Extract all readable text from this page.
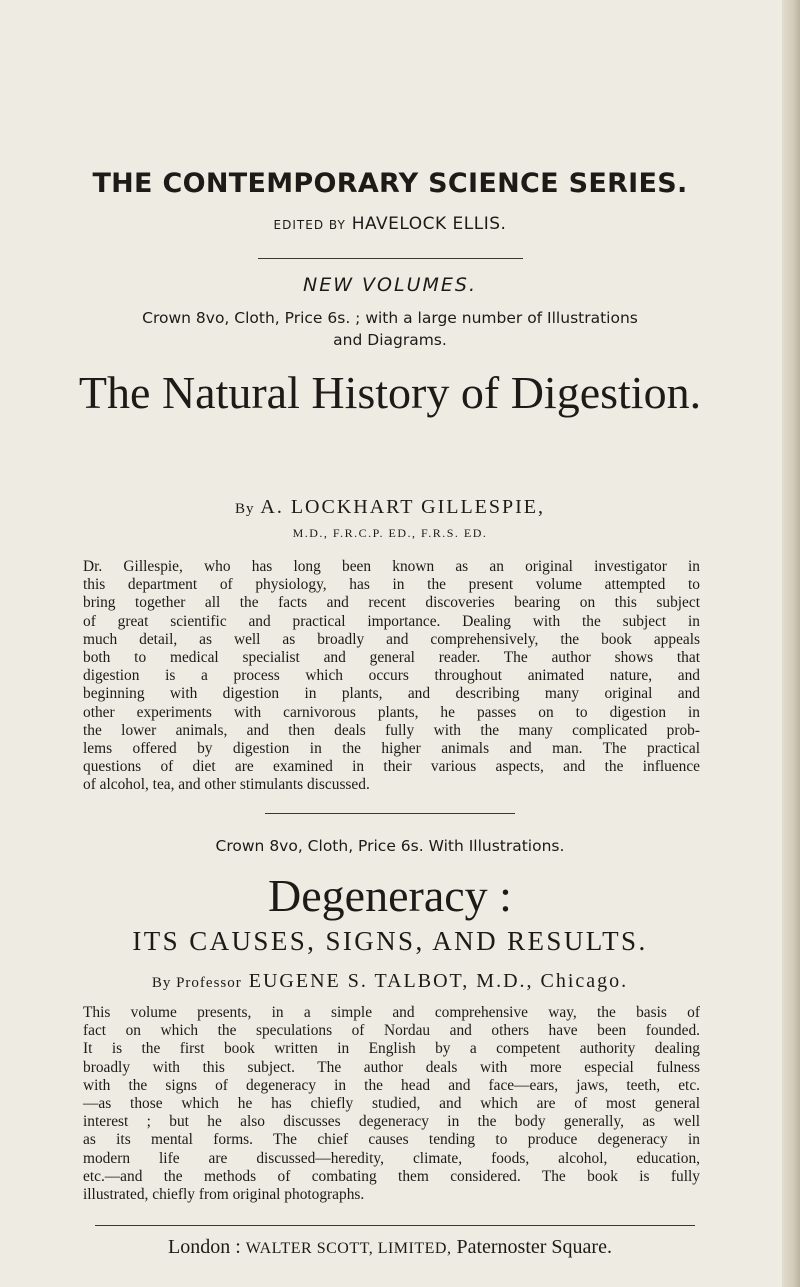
THE CONTEMPORARY SCIENCE SERIES.
EDITED BY HAVELOCK ELLIS.
NEW VOLUMES.
Crown 8vo, Cloth, Price 6s. ; with a large number of Illustrations
and Diagrams.
The Natural History of Digestion.
By A. LOCKHART GILLESPIE,
M.D., F.R.C.P. ED., F.R.S. ED.
Dr. Gillespie, who has long been known as an original investigator in
this department of physiology, has in the present volume attempted to
bring together all the facts and recent discoveries bearing on this subject
of great scientific and practical importance. Dealing with the subject in
much detail, as well as broadly and comprehensively, the book appeals
both to medical specialist and general reader. The author shows that
digestion is a process which occurs throughout animated nature, and
beginning with digestion in plants, and describing many original and
other experiments with carnivorous plants, he passes on to digestion in
the lower animals, and then deals fully with the many complicated prob-
lems offered by digestion in the higher animals and man. The practical
questions of diet are examined in their various aspects, and the influence
of alcohol, tea, and other stimulants discussed.
Crown 8vo, Cloth, Price 6s. With Illustrations.
Degeneracy :
ITS CAUSES, SIGNS, AND RESULTS.
By Professor EUGENE S. TALBOT, M.D., Chicago.
This volume presents, in a simple and comprehensive way, the basis of
fact on which the speculations of Nordau and others have been founded.
It is the first book written in English by a competent authority dealing
broadly with this subject. The author deals with more especial fulness
with the signs of degeneracy in the head and face—ears, jaws, teeth, etc.
—as those which he has chiefly studied, and which are of most general
interest ; but he also discusses degeneracy in the body generally, as well
as its mental forms. The chief causes tending to produce degeneracy in
modern life are discussed—heredity, climate, foods, alcohol, education,
etc.—and the methods of combating them considered. The book is fully
illustrated, chiefly from original photographs.
London : WALTER SCOTT, LIMITED, Paternoster Square.
